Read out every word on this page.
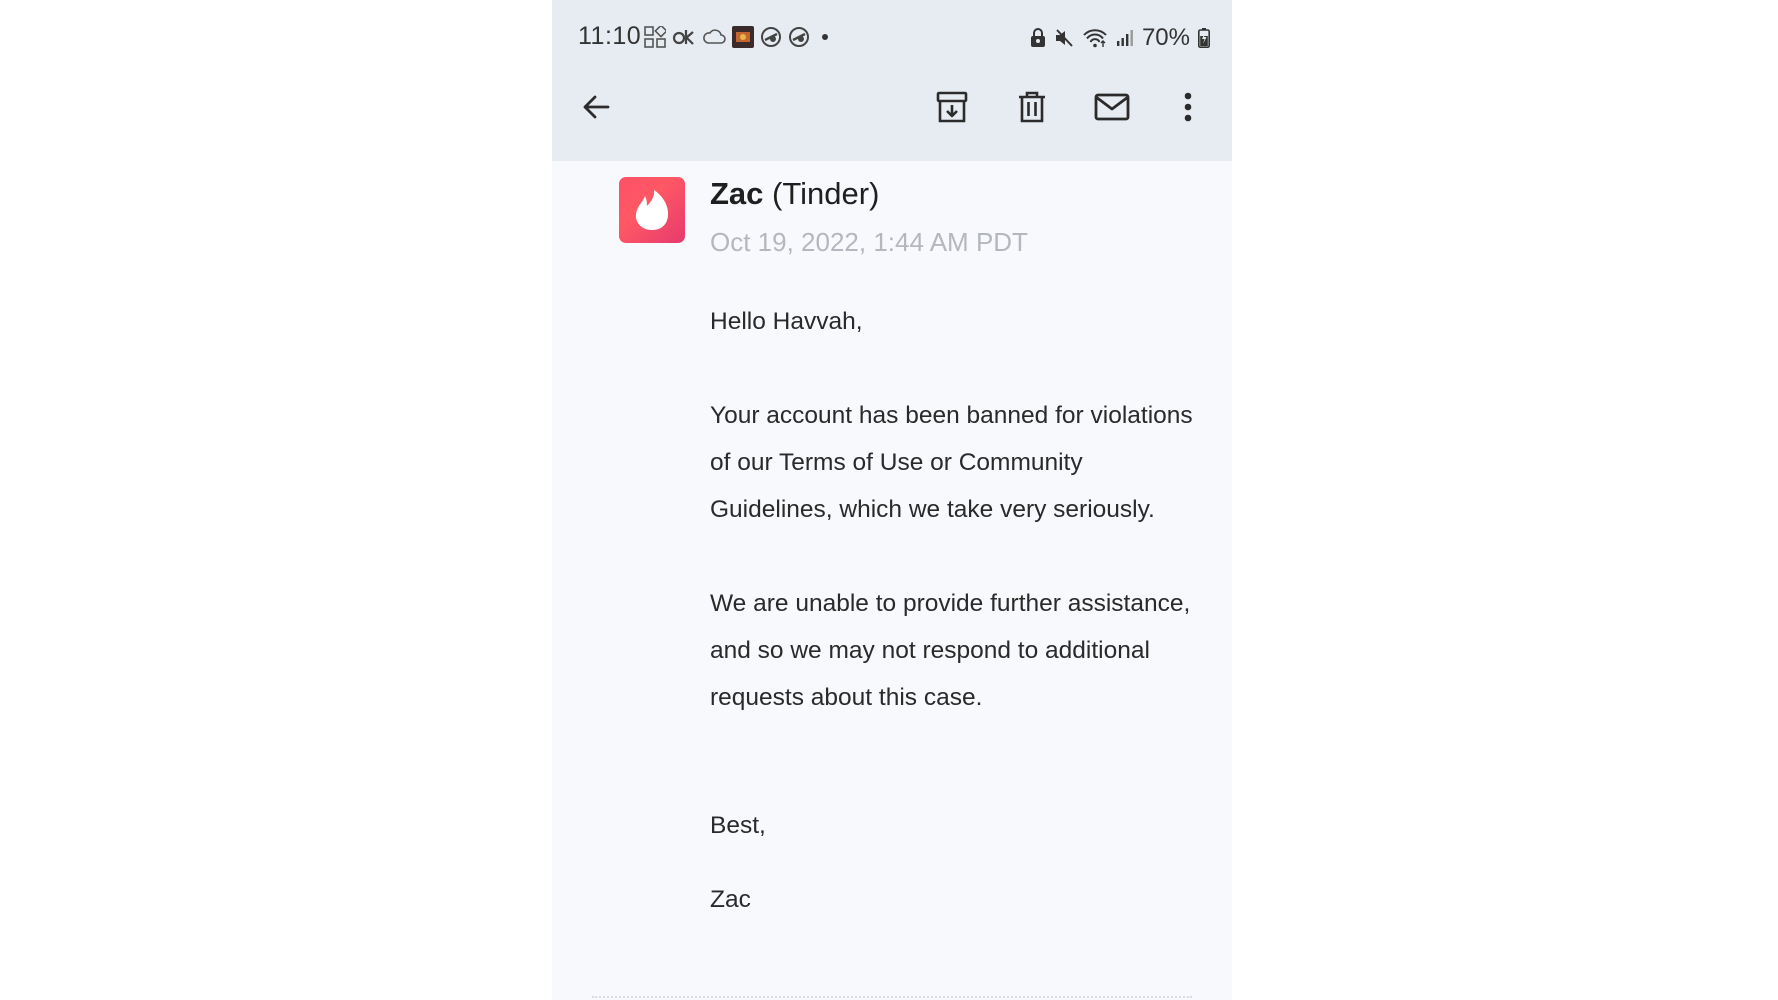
11:10	70%
Zac (Tinder)
Oct 19, 2022, 1:44 AM PDT
Hello Havvah,
Your account has been banned for violations of our Terms of Use or Community Guidelines, which we take very seriously.
We are unable to provide further assistance, and so we may not respond to additional requests about this case.
Best,
Zac
